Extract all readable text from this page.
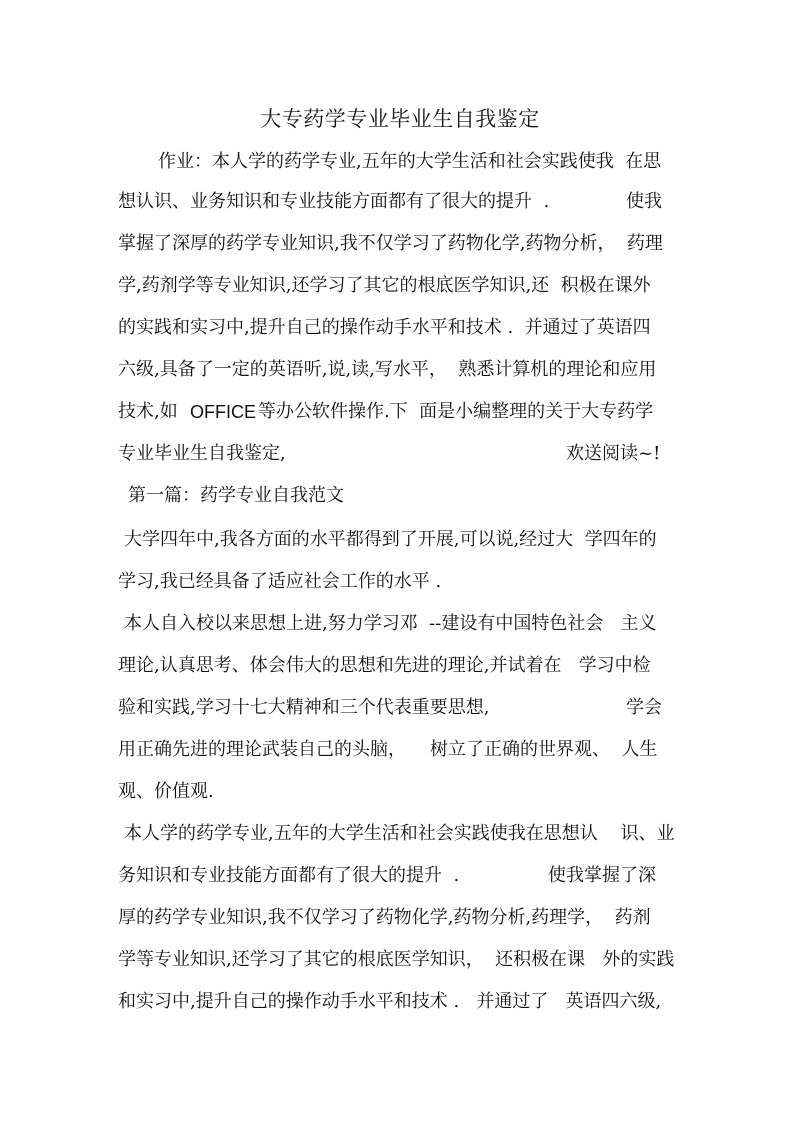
大专药学专业毕业生自我鉴定
作业：本人学的药学专业,五年的大学生活和社会实践使我  在思
想认识、业务知识和专业技能方面都有了很大的提升  .	使我
掌握了深厚的药学专业知识,我不仅学习了药物化学,药物分析，  药理
学,药剂学等专业知识,还学习了其它的根底医学知识,还  积极在课外
的实践和实习中,提升自己的操作动手水平和技术 .  并通过了英语四
六级,具备了一定的英语听,说,读,写水平，  熟悉计算机的理论和应用
技术,如 OFFICE 等办公软件操作.下  面是小编整理的关于大专药学
专业毕业生自我鉴定,	欢送阅读~!
第一篇：药学专业自我范文
大学四年中,我各方面的水平都得到了开展,可以说,经过大  学四年的
学习,我已经具备了适应社会工作的水平 .
本人自入校以来思想上进,努力学习邓  --建设有中国特色社会   主义
理论,认真思考、体会伟大的思想和先进的理论,并试着在   学习中检
验和实践,学习十七大精神和三个代表重要思想,	学会
用正确先进的理论武装自己的头脑， 树立了正确的世界观、  人生
观、价值观.
本人学的药学专业,五年的大学生活和社会实践使我在思想认    识、业
务知识和专业技能方面都有了很大的提升  .	使我掌握了深
厚的药学专业知识,我不仅学习了药物化学,药物分析,药理学，  药剂
学等专业知识,还学习了其它的根底医学知识，  还积极在课   外的实践
和实习中,提升自己的操作动手水平和技术 .   并通过了   英语四六级,
